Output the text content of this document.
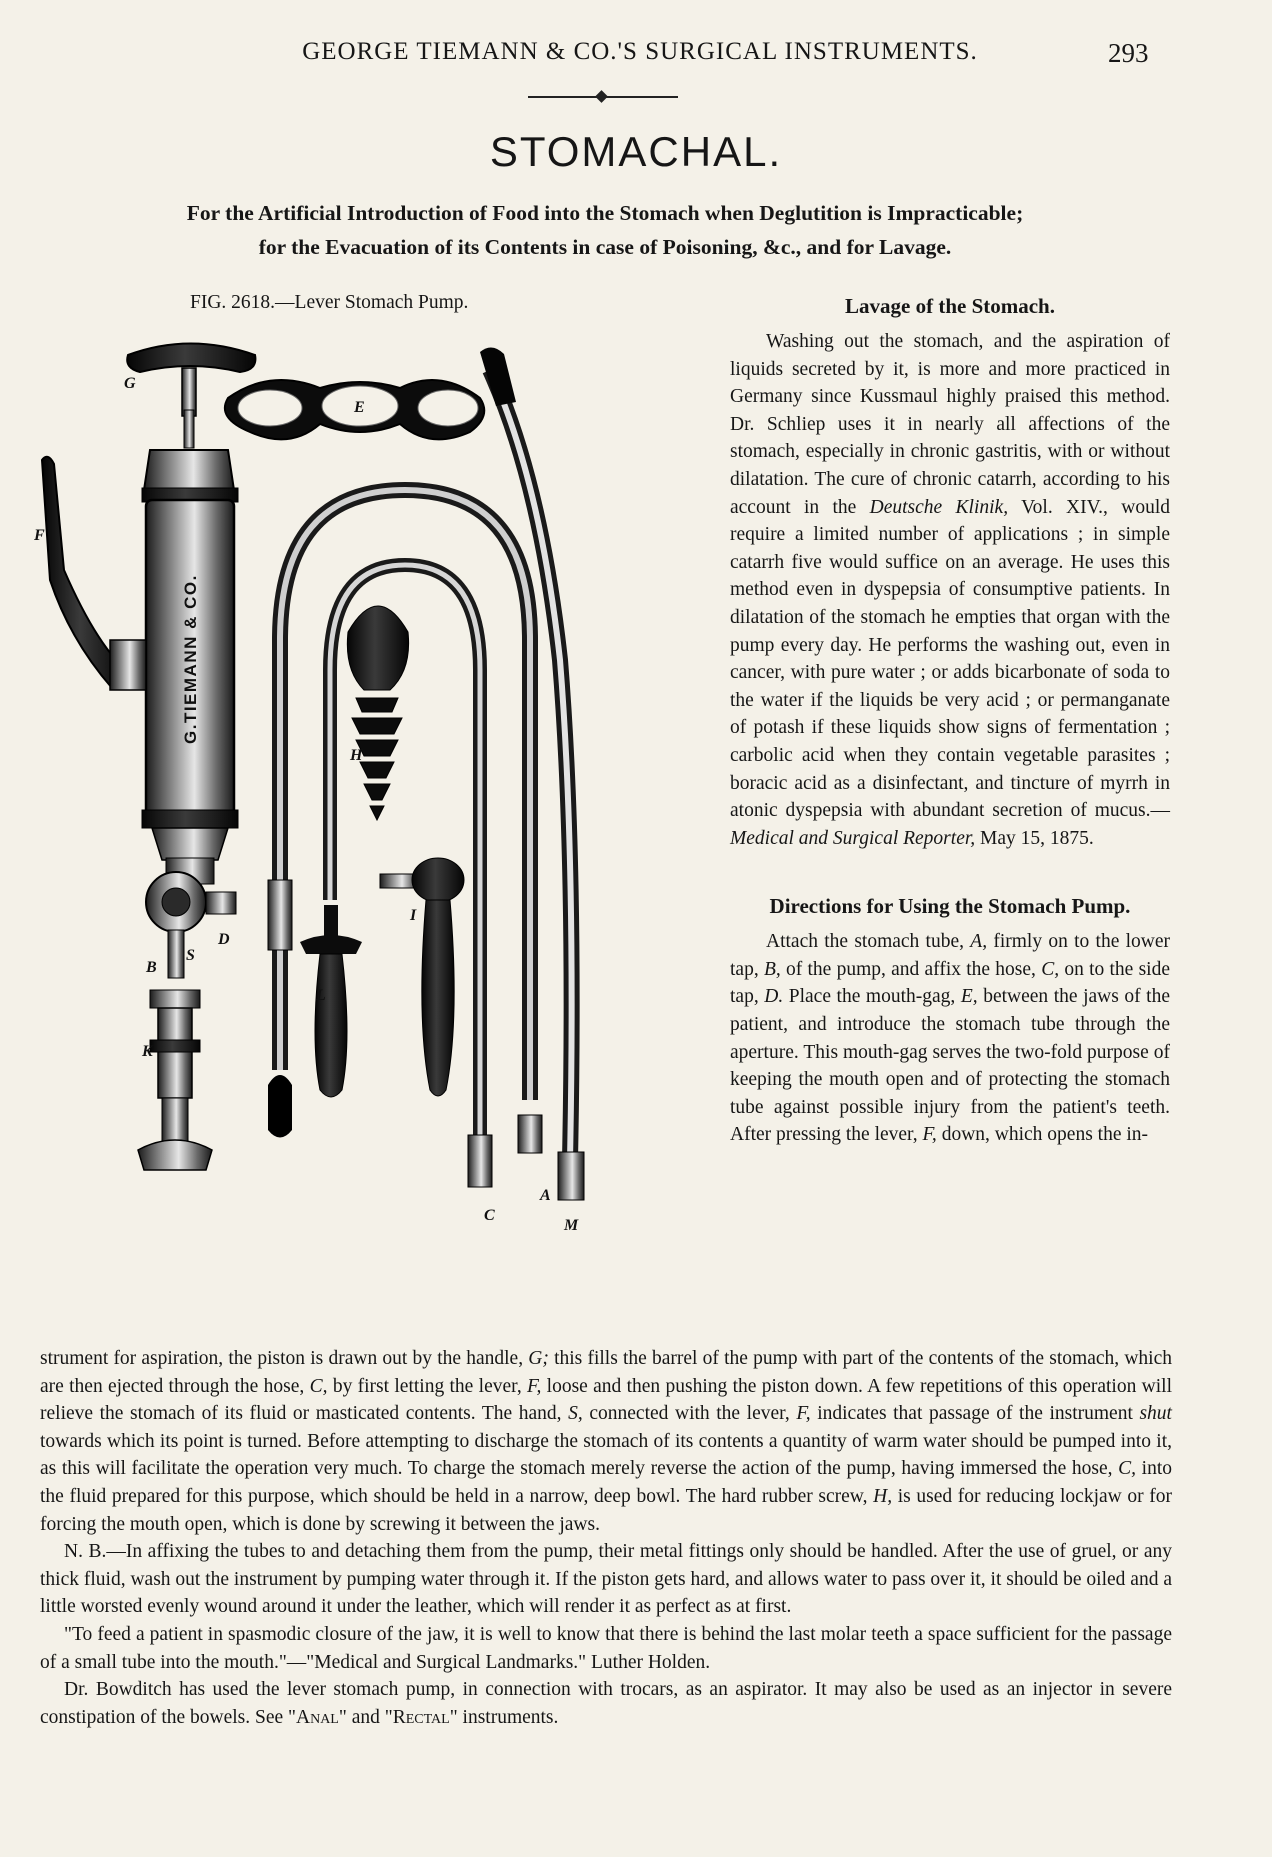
GEORGE TIEMANN & CO.'S SURGICAL INSTRUMENTS.	293
STOMACHAL.
For the Artificial Introduction of Food into the Stomach when Deglutition is Impracticable;
for the Evacuation of its Contents in case of Poisoning, &c., and for Lavage.
FIG. 2618.—Lever Stomach Pump.
G
G.TIEMANN & CO.
F
D
S
B
K
E
A
C
M
H
L
I
Lavage of the Stomach.

Washing out the stomach, and the aspiration of liquids secreted by it, is more and more practiced in Germany since Kussmaul highly praised this method. Dr. Schliep uses it in nearly all affections of the stomach, especially in chronic gastritis, with or without dilatation. The cure of chronic catarrh, according to his account in the Deutsche Klinik, Vol. XIV., would require a limited number of applications ; in simple catarrh five would suffice on an average. He uses this method even in dyspepsia of consumptive patients. In dilatation of the stomach he empties that organ with the pump every day. He performs the washing out, even in cancer, with pure water ; or adds bicarbonate of soda to the water if the liquids be very acid ; or permanganate of potash if these liquids show signs of fermentation ; carbolic acid when they contain vegetable parasites ; boracic acid as a disinfectant, and tincture of myrrh in atonic dyspepsia with abundant secretion of mucus.—Medical and Surgical Reporter, May 15, 1875.

Directions for Using the Stomach Pump.

Attach the stomach tube, A, firmly on to the lower tap, B, of the pump, and affix the hose, C, on to the side tap, D. Place the mouth-gag, E, between the jaws of the patient, and introduce the stomach tube through the aperture. This mouth-gag serves the two-fold purpose of keeping the mouth open and of protecting the stomach tube against possible injury from the patient's teeth. After pressing the lever, F, down, which opens the in-

strument for aspiration, the piston is drawn out by the handle, G; this fills the barrel of the pump with part of the contents of the stomach, which are then ejected through the hose, C, by first letting the lever, F, loose and then pushing the piston down. A few repetitions of this operation will relieve the stomach of its fluid or masticated contents. The hand, S, connected with the lever, F, indicates that passage of the instrument shut towards which its point is turned. Before attempting to discharge the stomach of its contents a quantity of warm water should be pumped into it, as this will facilitate the operation very much. To charge the stomach merely reverse the action of the pump, having immersed the hose, C, into the fluid prepared for this purpose, which should be held in a narrow, deep bowl. The hard rubber screw, H, is used for reducing lockjaw or for forcing the mouth open, which is done by screwing it between the jaws.

N. B.—In affixing the tubes to and detaching them from the pump, their metal fittings only should be handled. After the use of gruel, or any thick fluid, wash out the instrument by pumping water through it. If the piston gets hard, and allows water to pass over it, it should be oiled and a little worsted evenly wound around it under the leather, which will render it as perfect as at first.

"To feed a patient in spasmodic closure of the jaw, it is well to know that there is behind the last molar teeth a space sufficient for the passage of a small tube into the mouth."—"Medical and Surgical Landmarks." Luther Holden.

Dr. Bowditch has used the lever stomach pump, in connection with trocars, as an aspirator. It may also be used as an injector in severe constipation of the bowels. See "Anal" and "Rectal" instruments.
